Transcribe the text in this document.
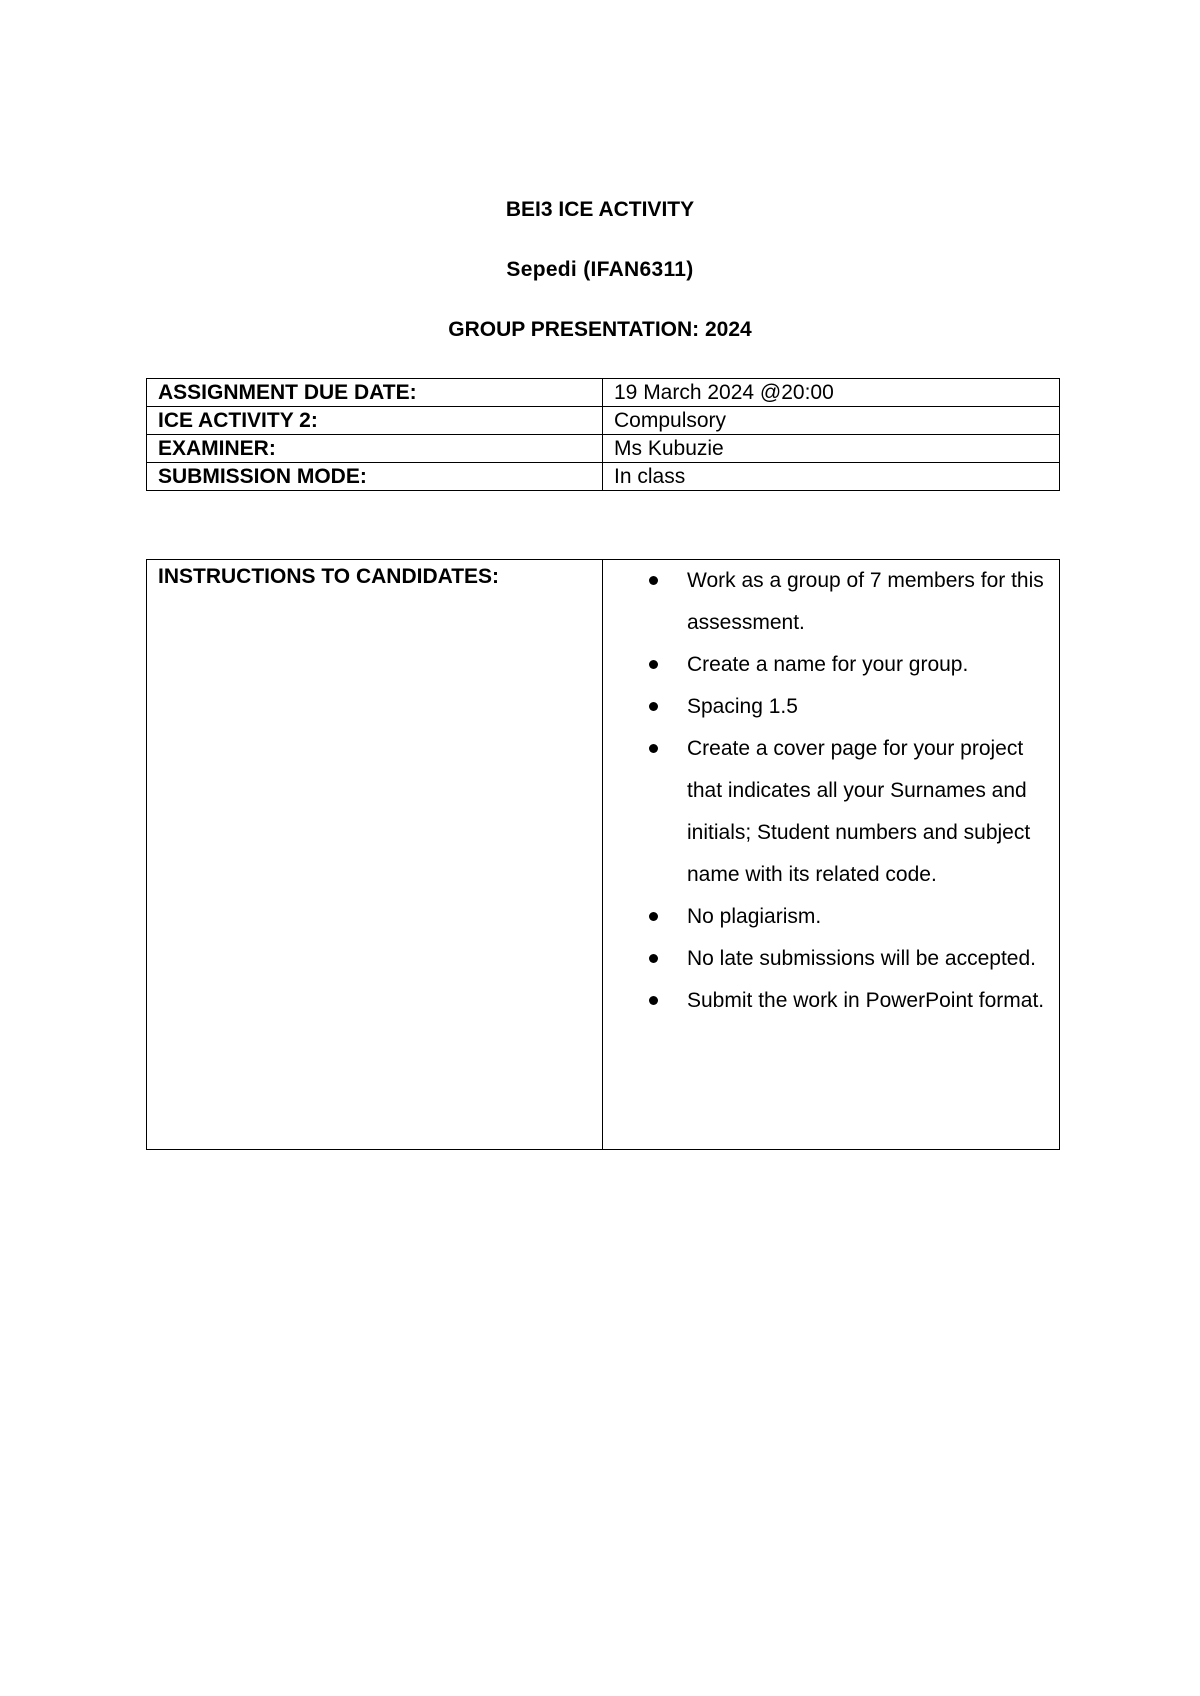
BEI3 ICE ACTIVITY
Sepedi (IFAN6311)
GROUP PRESENTATION: 2024
ASSIGNMENT DUE DATE:	19 March 2024 @20:00
ICE ACTIVITY 2:	Compulsory
EXAMINER:	Ms Kubuzie
SUBMISSION MODE:	In class
INSTRUCTIONS TO CANDIDATES:	Work as a group of 7 members for this assessment.
Create a name for your group.
Spacing 1.5
Create a cover page for your project that indicates all your Surnames and initials; Student numbers and subject name with its related code.
No plagiarism.
No late submissions will be accepted.
Submit the work in PowerPoint format.
